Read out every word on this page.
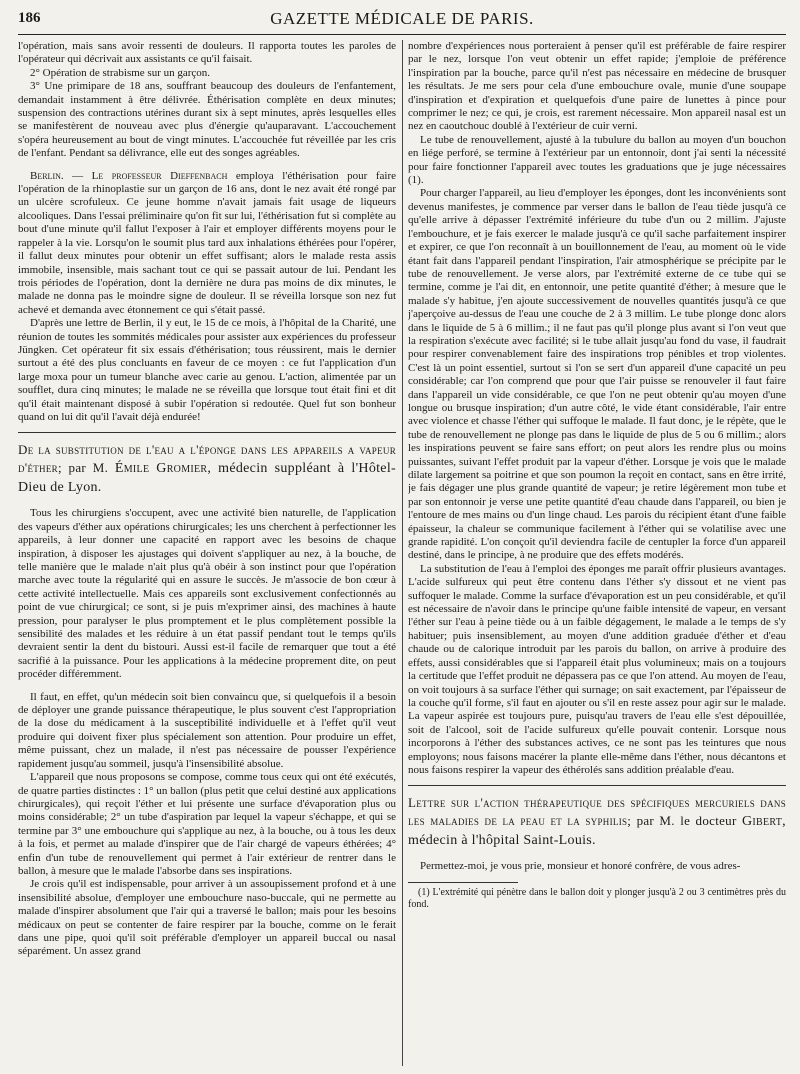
186	GAZETTE MÉDICALE DE PARIS.

l'opération, mais sans avoir ressenti de douleurs. Il rapporta toutes les paroles de l'opérateur qui décrivait aux assistants ce qu'il faisait.

2° Opération de strabisme sur un garçon.

3° Une primipare de 18 ans, souffrant beaucoup des douleurs de l'enfantement, demandait instamment à être délivrée. Éthérisation complète en deux minutes; suspension des contractions utérines durant six à sept minutes, après lesquelles elles se manifestèrent de nouveau avec plus d'énergie qu'auparavant. L'accouchement s'opéra heureusement au bout de vingt minutes. L'accouchée fut réveillée par les cris de l'enfant. Pendant sa délivrance, elle eut des songes agréables.

Berlin. — Le professeur Dieffenbach employa l'éthérisation pour faire l'opération de la rhinoplastie sur un garçon de 16 ans, dont le nez avait été rongé par un ulcère scrofuleux. Ce jeune homme n'avait jamais fait usage de liqueurs alcooliques. Dans l'essai préliminaire qu'on fit sur lui, l'éthérisation fut si complète au bout d'une minute qu'il fallut l'exposer à l'air et employer différents moyens pour le rappeler à la vie. Lorsqu'on le soumit plus tard aux inhalations éthérées pour l'opérer, il fallut deux minutes pour obtenir un effet suffisant; alors le malade resta assis immobile, insensible, mais sachant tout ce qui se passait autour de lui. Pendant les trois périodes de l'opération, dont la dernière ne dura pas moins de dix minutes, le malade ne donna pas le moindre signe de douleur. Il se réveilla lorsque son nez fut achevé et demanda avec étonnement ce qui s'était passé.

D'après une lettre de Berlin, il y eut, le 15 de ce mois, à l'hôpital de la Charité, une réunion de toutes les sommités médicales pour assister aux expériences du professeur Jüngken. Cet opérateur fit six essais d'éthérisation; tous réussirent, mais le dernier surtout a été des plus concluants en faveur de ce moyen : ce fut l'application d'un large moxa pour un tumeur blanche avec carie au genou. L'action, alimentée par un soufflet, dura cinq minutes; le malade ne se réveilla que lorsque tout était fini et dit qu'il était maintenant disposé à subir l'opération si redoutée. Quel fut son bonheur quand on lui dit qu'il l'avait déjà endurée!

De la substitution de l'eau a l'éponge dans les appareils a vapeur d'éther; par M. Émile Gromier, médecin suppléant à l'Hôtel-Dieu de Lyon.

Tous les chirurgiens s'occupent, avec une activité bien naturelle, de l'application des vapeurs d'éther aux opérations chirurgicales; les uns cherchent à perfectionner les appareils, à leur donner une capacité en rapport avec les besoins de chaque inspiration, à disposer les ajustages qui doivent s'appliquer au nez, à la bouche, de telle manière que le malade n'ait plus qu'à obéir à son instinct pour que l'opération marche avec toute la régularité qui en assure le succès. Je m'associe de bon cœur à cette activité intellectuelle. Mais ces appareils sont exclusivement confectionnés au point de vue chirurgical; ce sont, si je puis m'exprimer ainsi, des machines à haute pression, pour paralyser le plus promptement et le plus complètement possible la sensibilité des malades et les réduire à un état passif pendant tout le temps qu'ils devraient sentir la dent du bistouri. Aussi est-il facile de remarquer que tout a été sacrifié à la puissance. Pour les applications à la médecine proprement dite, on peut procéder différemment.

Il faut, en effet, qu'un médecin soit bien convaincu que, si quelquefois il a besoin de déployer une grande puissance thérapeutique, le plus souvent c'est l'appropriation de la dose du médicament à la susceptibilité individuelle et à l'effet qu'il veut produire qui doivent fixer plus spécialement son attention. Pour produire un effet, même puissant, chez un malade, il n'est pas nécessaire de pousser l'expérience rapidement jusqu'au sommeil, jusqu'à l'insensibilité absolue.

L'appareil que nous proposons se compose, comme tous ceux qui ont été exécutés, de quatre parties distinctes : 1° un ballon (plus petit que celui destiné aux applications chirurgicales), qui reçoit l'éther et lui présente une surface d'évaporation plus ou moins considérable; 2° un tube d'aspiration par lequel la vapeur s'échappe, et qui se termine par 3° une embouchure qui s'applique au nez, à la bouche, ou à tous les deux à la fois, et permet au malade d'inspirer que de l'air chargé de vapeurs éthérées; 4° enfin d'un tube de renouvellement qui permet à l'air extérieur de rentrer dans le ballon, à mesure que le malade l'absorbe dans ses inspirations.

Je crois qu'il est indispensable, pour arriver à un assoupissement profond et à une insensibilité absolue, d'employer une embouchure naso-buccale, qui ne permette au malade d'inspirer absolument que l'air qui a traversé le ballon; mais pour les besoins médicaux on peut se contenter de faire respirer par la bouche, comme on le ferait dans une pipe, quoi qu'il soit préférable d'employer un appareil buccal ou nasal séparément. Un assez grand

nombre d'expériences nous porteraient à penser qu'il est préférable de faire respirer par le nez, lorsque l'on veut obtenir un effet rapide; j'emploie de préférence l'inspiration par la bouche, parce qu'il n'est pas nécessaire en médecine de brusquer les résultats. Je me sers pour cela d'une embouchure ovale, munie d'une soupape d'inspiration et d'expiration et quelquefois d'une paire de lunettes à pince pour comprimer le nez; ce qui, je crois, est rarement nécessaire. Mon appareil nasal est un nez en caoutchouc doublé à l'extérieur de cuir verni.

Le tube de renouvellement, ajusté à la tubulure du ballon au moyen d'un bouchon en liége perforé, se termine à l'extérieur par un entonnoir, dont j'ai senti la nécessité pour faire fonctionner l'appareil avec toutes les graduations que je juge nécessaires (1).

Pour charger l'appareil, au lieu d'employer les éponges, dont les inconvénients sont devenus manifestes, je commence par verser dans le ballon de l'eau tiède jusqu'à ce qu'elle arrive à dépasser l'extrémité inférieure du tube d'un ou 2 millim. J'ajuste l'embouchure, et je fais exercer le malade jusqu'à ce qu'il sache parfaitement inspirer et expirer, ce que l'on reconnaît à un bouillonnement de l'eau, au moment où le vide étant fait dans l'appareil pendant l'inspiration, l'air atmosphérique se précipite par le tube de renouvellement. Je verse alors, par l'extrémité externe de ce tube qui se termine, comme je l'ai dit, en entonnoir, une petite quantité d'éther; à mesure que le malade s'y habitue, j'en ajoute successivement de nouvelles quantités jusqu'à ce que j'aperçoive au-dessus de l'eau une couche de 2 à 3 millim. Le tube plonge donc alors dans le liquide de 5 à 6 millim.; il ne faut pas qu'il plonge plus avant si l'on veut que la respiration s'exécute avec facilité; si le tube allait jusqu'au fond du vase, il faudrait pour respirer convenablement faire des inspirations trop pénibles et trop violentes. C'est là un point essentiel, surtout si l'on se sert d'un appareil d'une capacité un peu considérable; car l'on comprend que pour que l'air puisse se renouveler il faut faire dans l'appareil un vide considérable, ce que l'on ne peut obtenir qu'au moyen d'une longue ou brusque inspiration; d'un autre côté, le vide étant considérable, l'air entre avec violence et chasse l'éther qui suffoque le malade. Il faut donc, je le répète, que le tube de renouvellement ne plonge pas dans le liquide de plus de 5 ou 6 millim.; alors les inspirations peuvent se faire sans effort; on peut alors les rendre plus ou moins puissantes, suivant l'effet produit par la vapeur d'éther. Lorsque je vois que le malade dilate largement sa poitrine et que son poumon la reçoit en contact, sans en être irrité, je fais dégager une plus grande quantité de vapeur; je retire légèrement mon tube et par son entonnoir je verse une petite quantité d'eau chaude dans l'appareil, ou bien je l'entoure de mes mains ou d'un linge chaud. Les parois du récipient étant d'une faible épaisseur, la chaleur se communique facilement à l'éther qui se volatilise avec une grande rapidité. L'on conçoit qu'il deviendra facile de centupler la force d'un appareil destiné, dans le principe, à ne produire que des effets modérés.

La substitution de l'eau à l'emploi des éponges me paraît offrir plusieurs avantages. L'acide sulfureux qui peut être contenu dans l'éther s'y dissout et ne vient pas suffoquer le malade. Comme la surface d'évaporation est un peu considérable, et qu'il est nécessaire de n'avoir dans le principe qu'une faible intensité de vapeur, en versant l'éther sur l'eau à peine tiède ou à un faible dégagement, le malade a le temps de s'y habituer; puis insensiblement, au moyen d'une addition graduée d'éther et d'eau chaude ou de calorique introduit par les parois du ballon, on arrive à produire des effets, aussi considérables que si l'appareil était plus volumineux; mais on a toujours la certitude que l'effet produit ne dépassera pas ce que l'on attend. Au moyen de l'eau, on voit toujours à sa surface l'éther qui surnage; on sait exactement, par l'épaisseur de la couche qu'il forme, s'il faut en ajouter ou s'il en reste assez pour agir sur le malade. La vapeur aspirée est toujours pure, puisqu'au travers de l'eau elle s'est dépouillée, soit de l'alcool, soit de l'acide sulfureux qu'elle pouvait contenir. Lorsque nous incorporons à l'éther des substances actives, ce ne sont pas les teintures que nous employons; nous faisons macérer la plante elle-même dans l'éther, nous décantons et nous faisons respirer la vapeur des éthérolés sans addition préalable d'eau.

Lettre sur l'action thérapeutique des spécifiques mercuriels dans les maladies de la peau et la syphilis; par M. le docteur Gibert, médecin à l'hôpital Saint-Louis.

Permettez-moi, je vous prie, monsieur et honoré confrère, de vous adres-

(1) L'extrémité qui pénètre dans le ballon doit y plonger jusqu'à 2 ou 3 centimètres près du fond.
